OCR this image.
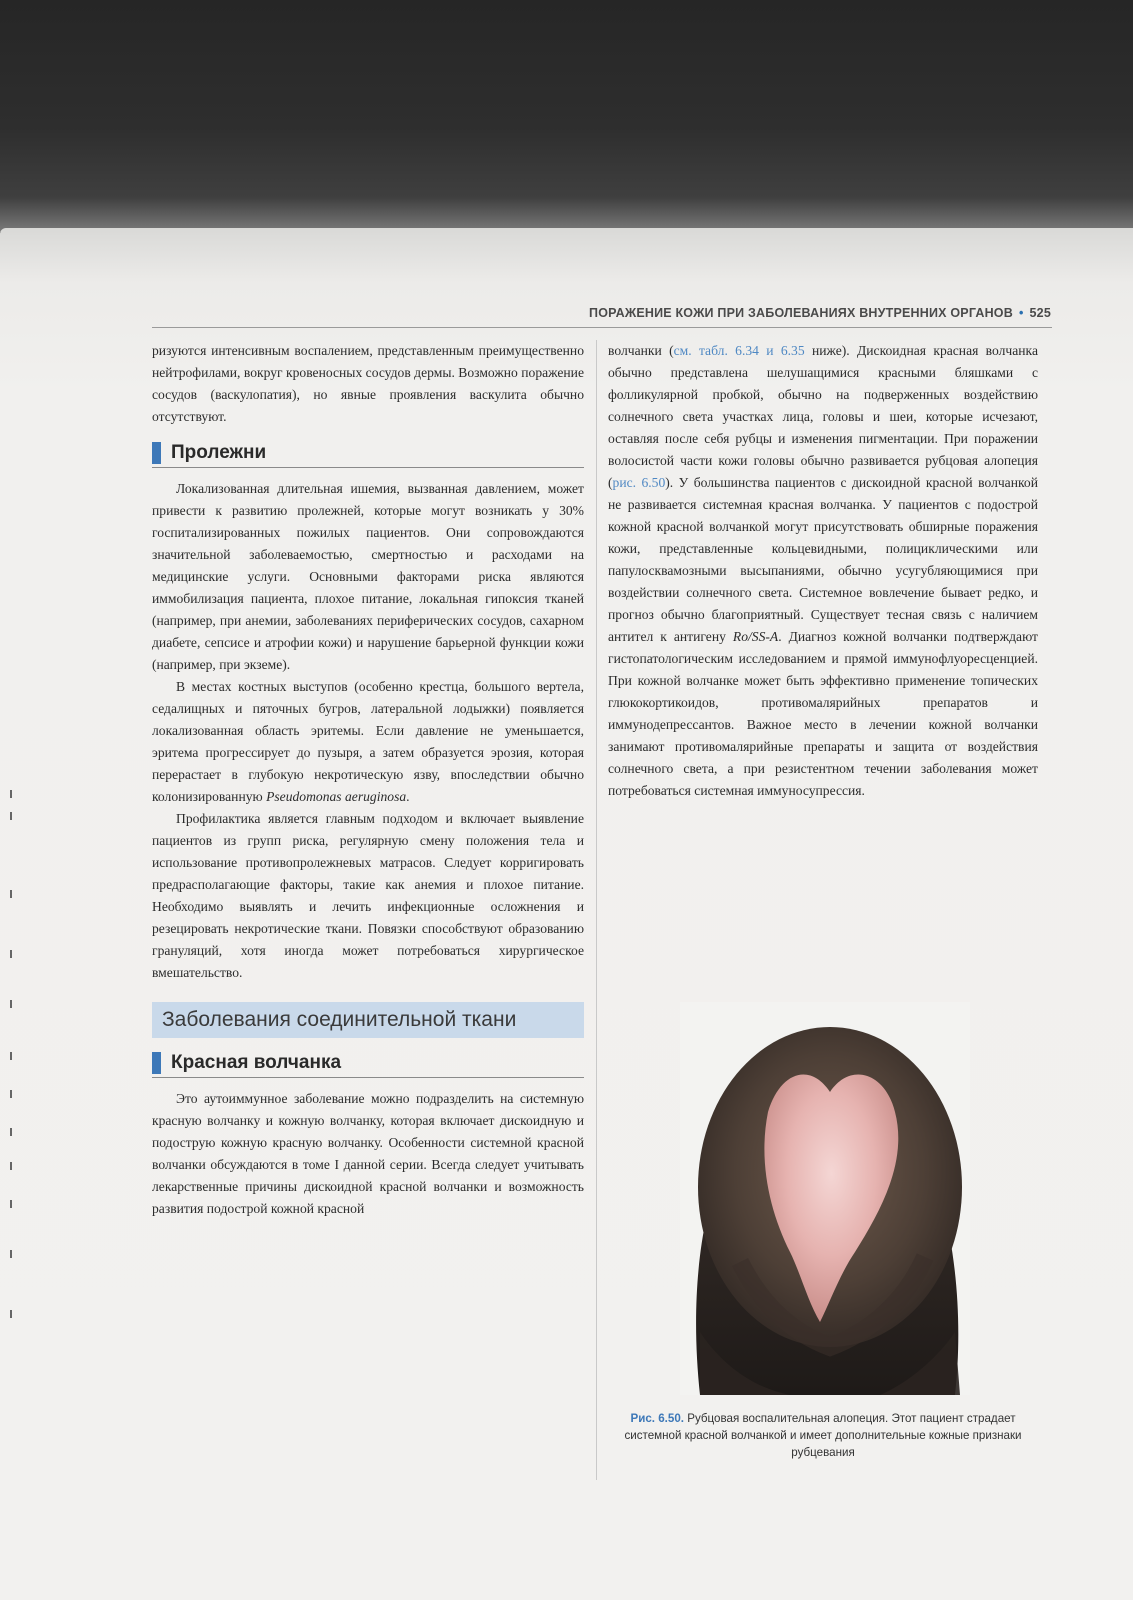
ПОРАЖЕНИЕ КОЖИ ПРИ ЗАБОЛЕВАНИЯХ ВНУТРЕННИХ ОРГАНОВ • 525

ризуются интенсивным воспалением, представленным преимущественно нейтрофилами, вокруг кровеносных сосудов дермы. Возможно поражение сосудов (васкулопатия), но явные проявления васкулита обычно отсутствуют.

Пролежни

Локализованная длительная ишемия, вызванная давлением, может привести к развитию пролежней, которые могут возникать у 30% госпитализированных пожилых пациентов. Они сопровождаются значительной заболеваемостью, смертностью и расходами на медицинские услуги. Основными факторами риска являются иммобилизация пациента, плохое питание, локальная гипоксия тканей (например, при анемии, заболеваниях периферических сосудов, сахарном диабете, сепсисе и атрофии кожи) и нарушение барьерной функции кожи (например, при экземе).

В местах костных выступов (особенно крестца, большого вертела, седалищных и пяточных бугров, латеральной лодыжки) появляется локализованная область эритемы. Если давление не уменьшается, эритема прогрессирует до пузыря, а затем образуется эрозия, которая перерастает в глубокую некротическую язву, впоследствии обычно колонизированную Pseudomonas aeruginosa.

Профилактика является главным подходом и включает выявление пациентов из групп риска, регулярную смену положения тела и использование противопролежневых матрасов. Следует корригировать предрасполагающие факторы, такие как анемия и плохое питание. Необходимо выявлять и лечить инфекционные осложнения и резецировать некротические ткани. Повязки способствуют образованию грануляций, хотя иногда может потребоваться хирургическое вмешательство.

Заболевания соединительной ткани
Красная волчанка

Это аутоиммунное заболевание можно подразделить на системную красную волчанку и кожную волчанку, которая включает дискоидную и подострую кожную красную волчанку. Особенности системной красной волчанки обсуждаются в томе I данной серии. Всегда следует учитывать лекарственные причины дискоидной красной волчанки и возможность развития подострой кожной красной

волчанки (см. табл. 6.34 и 6.35 ниже). Дискоидная красная волчанка обычно представлена шелушащимися красными бляшками с фолликулярной пробкой, обычно на подверженных воздействию солнечного света участках лица, головы и шеи, которые исчезают, оставляя после себя рубцы и изменения пигментации. При поражении волосистой части кожи головы обычно развивается рубцовая алопеция (рис. 6.50). У большинства пациентов с дискоидной красной волчанкой не развивается системная красная волчанка. У пациентов с подострой кожной красной волчанкой могут присутствовать обширные поражения кожи, представленные кольцевидными, полициклическими или папулосквамозными высыпаниями, обычно усугубляющимися при воздействии солнечного света. Системное вовлечение бывает редко, и прогноз обычно благоприятный. Существует тесная связь с наличием антител к антигену Ro/SS-A. Диагноз кожной волчанки подтверждают гистопатологическим исследованием и прямой иммунофлуоресценцией. При кожной волчанке может быть эффективно применение топических глюкокортикоидов, противомалярийных препаратов и иммунодепрессантов. Важное место в лечении кожной волчанки занимают противомалярийные препараты и защита от воздействия солнечного света, а при резистентном течении заболевания может потребоваться системная иммуносупрессия.

Рис. 6.50. Рубцовая воспалительная алопеция. Этот пациент страдает системной красной волчанкой и имеет дополнительные кожные признаки рубцевания
